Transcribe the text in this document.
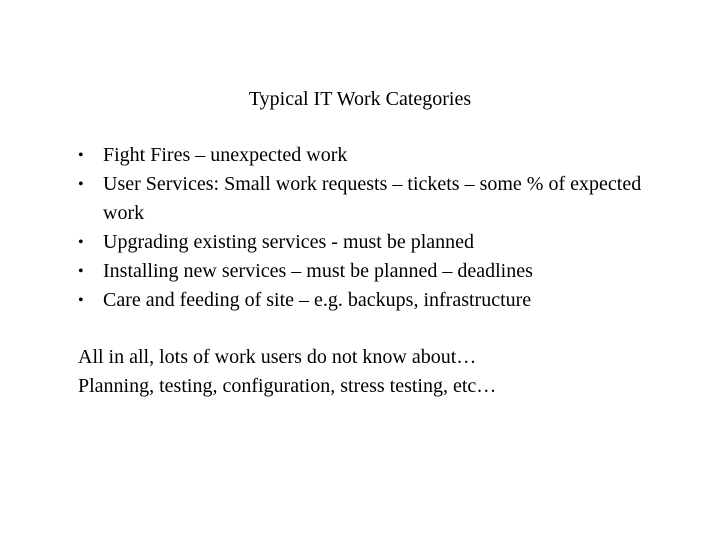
Typical IT Work Categories
• Fight Fires – unexpected work
• User Services: Small work requests – tickets – some % of expected work
• Upgrading existing services - must be planned
• Installing new services – must be planned – deadlines
• Care and feeding of site – e.g. backups, infrastructure
All in all, lots of work users do not know about…
Planning, testing, configuration, stress testing, etc…
